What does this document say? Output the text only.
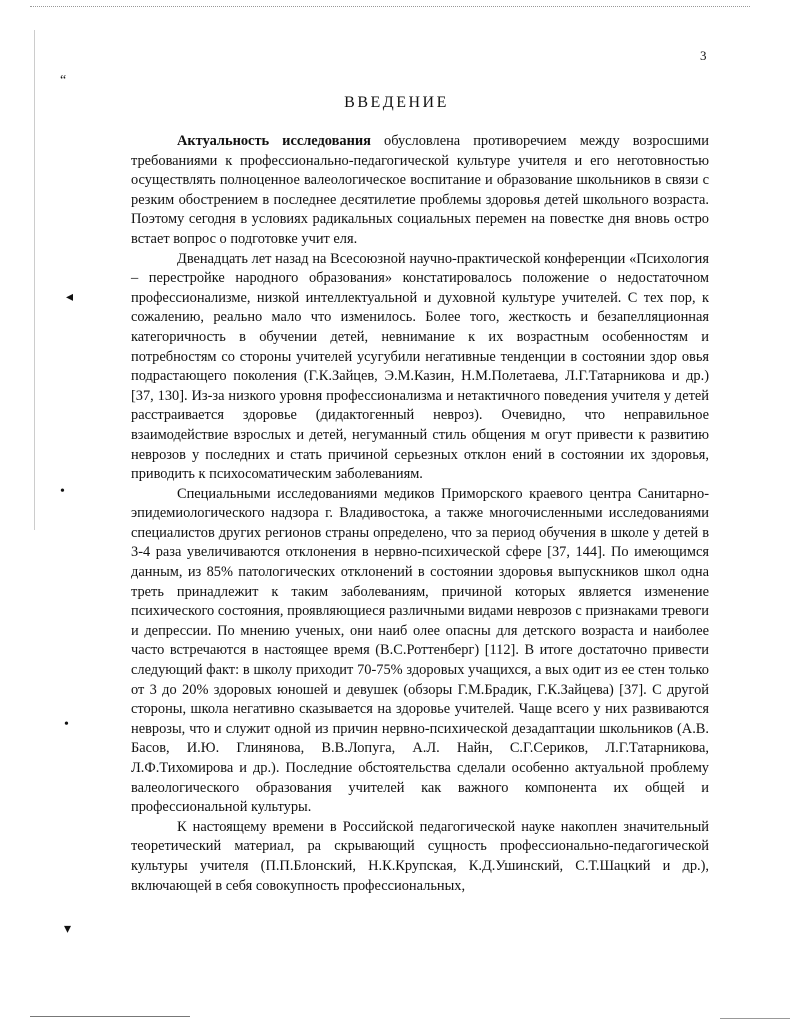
“
◂
•
•
▾
3
ВВЕДЕНИЕ

Актуальность исследования обусловлена противоречием между возросшими требованиями к профессионально-педагогической культуре учителя и его неготовностью осуществлять полноценное валеологическое воспитание и образование школьников в связи с резким обострением в последнее десятилетие проблемы здоровья детей школьного возраста. Поэтому сегодня в условиях радикальных социальных перемен на повестке дня вновь остро встает вопрос о подготовке учит еля.

Двенадцать лет назад на Всесоюзной научно-практической конференции «Психология – перестройке народного образования» констатировалось положение о недостаточном профессионализме, низкой интеллектуальной и духовной культуре учителей. С тех пор, к сожалению, реально мало что изменилось. Более того, жесткость и безапелляционная категоричность в обучении детей, невнимание к их возрастным особенностям и потребностям со стороны учителей усугубили негативные тенденции в состоянии здор овья подрастающего поколения (Г.К.Зайцев, Э.М.Казин, Н.М.Полетаева, Л.Г.Татарникова и др.) [37, 130]. Из-за низкого уровня профессионализма и нетактичного поведения учителя у детей расстраивается здоровье (дидактогенный невроз). Очевидно, что неправильное взаимодействие взрослых и детей, негуманный стиль общения м огут привести к развитию неврозов у последних и стать причиной серьезных отклон ений в состоянии их здоровья, приводить к психосоматическим заболеваниям.

Специальными исследованиями медиков Приморского краевого центра Санитарно-эпидемиологического надзора г. Владивостока, а также многочисленными исследованиями специалистов других регионов страны определено, что за период обучения в школе у детей в 3-4 раза увеличиваются отклонения в нервно-психической сфере [37, 144]. По имеющимся данным, из 85% патологических отклонений в состоянии здоровья выпускников школ одна треть принадлежит к таким заболеваниям, причиной которых является изменение психического состояния, проявляющиеся различными видами неврозов с признаками тревоги и депрессии. По мнению ученых, они наиб олее опасны для детского возраста и наиболее часто встречаются в настоящее время (В.С.Роттенберг) [112]. В итоге достаточно привести следующий факт: в школу приходит 70-75% здоровых учащихся, а вых одит из ее стен только от 3 до 20% здоровых юношей и девушек (обзоры Г.М.Брадик, Г.К.Зайцева) [37]. С другой стороны, школа негативно сказывается на здоровье учителей. Чаще всего у них развиваются неврозы, что и служит одной из причин нервно-психической дезадаптации школьников (А.В. Басов, И.Ю. Глинянова, В.В.Лопуга, А.Л. Найн, С.Г.Сериков, Л.Г.Татарникова, Л.Ф.Тихомирова и др.). Последние обстоятельства сделали особенно актуальной проблему валеологического образования учителей как важного компонента их общей и профессиональной культуры.

К настоящему времени в Российской педагогической науке накоплен значительный теоретический материал, ра скрывающий сущность профессионально-педагогической культуры учителя (П.П.Блонский, Н.К.Крупская, К.Д.Ушинский, С.Т.Шацкий и др.), включающей в себя совокупность профессиональных,
